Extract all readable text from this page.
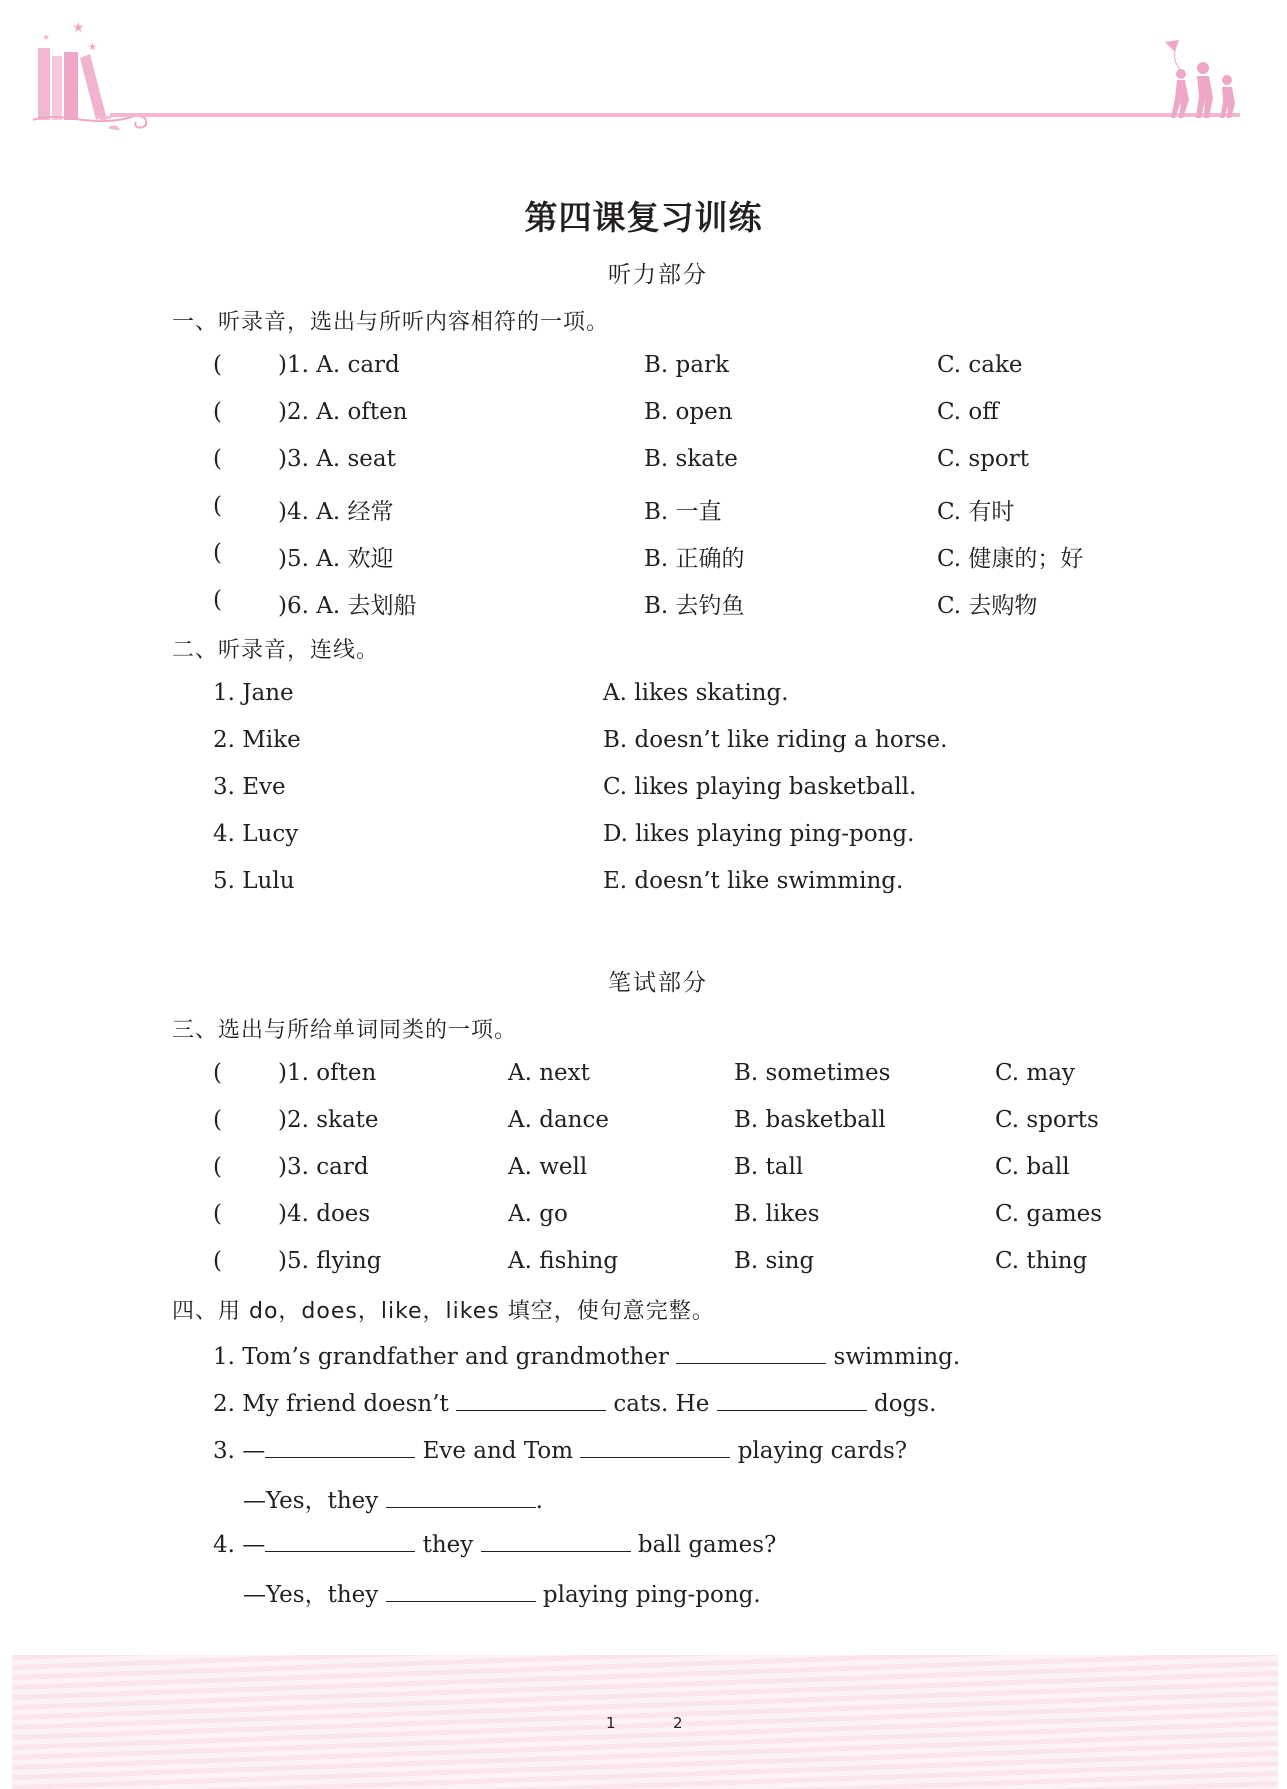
★
★
★
第四课复习训练
听力部分
一、听录音，选出与所听内容相符的一项。
( )1. A. card	B. park	C. cake
( )2. A. often	B. open	C. off
( )3. A. seat	B. skate	C. sport
( )4. A. 经常	B. 一直	C. 有时
( )5. A. 欢迎	B. 正确的	C. 健康的；好
( )6. A. 去划船	B. 去钓鱼	C. 去购物
二、听录音，连线。
1. Jane	A. likes skating.
2. Mike	B. doesn’t like riding a horse.
3. Eve	C. likes playing basketball.
4. Lucy	D. likes playing ping-pong.
5. Lulu	E. doesn’t like swimming.
笔试部分
三、选出与所给单词同类的一项。
( )1. often	A. next	B. sometimes	C. may
( )2. skate	A. dance	B. basketball	C. sports
( )3. card	A. well	B. tall	C. ball
( )4. does	A. go	B. likes	C. games
( )5. flying	A. fishing	B. sing	C. thing
四、用 do，does，like，likes 填空，使句意完整。
1. Tom’s grandfather and grandmother	swimming.
2. My friend doesn’t	cats. He	dogs.
3. —	Eve and Tom	playing cards?
—Yes，they	.
4. —	they	ball games?
—Yes，they	playing ping-pong.
1	2
